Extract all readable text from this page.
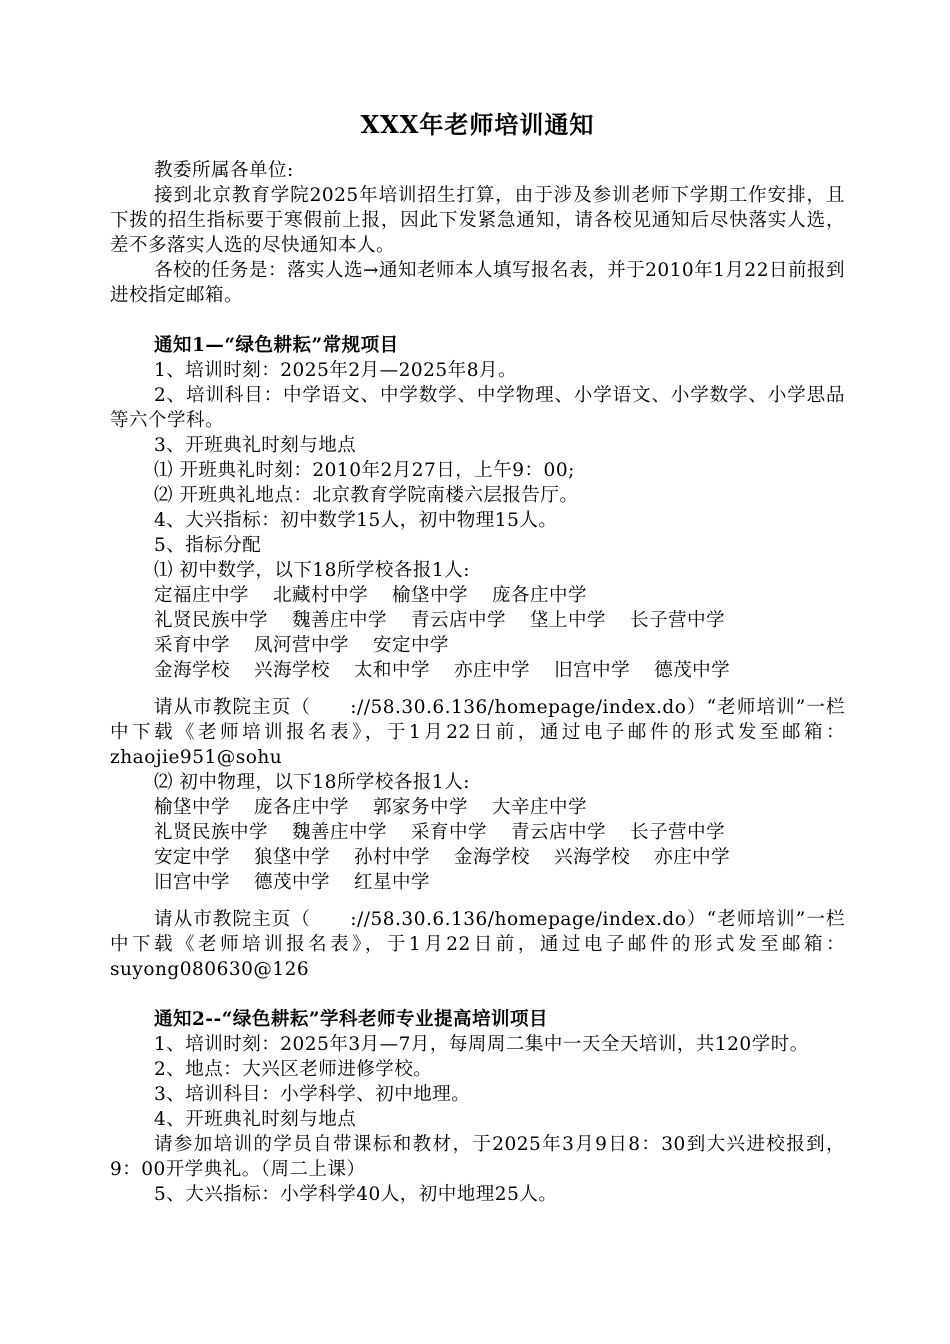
XXX年老师培训通知

教委所属各单位:

接到北京教育学院2025年培训招生打算，由于涉及参训老师下学期工作安排，且下拨的招生指标要于寒假前上报，因此下发紧急通知，请各校见通知后尽快落实人选，差不多落实人选的尽快通知本人。

各校的任务是：落实人选→通知老师本人填写报名表，并于2010年1月22日前报到进校指定邮箱。

通知1—“绿色耕耘”常规项目

1、培训时刻：2025年2月—2025年8月。

2、培训科目：中学语文、中学数学、中学物理、小学语文、小学数学、小学思品等六个学科。

3、开班典礼时刻与地点

⑴ 开班典礼时刻：2010年2月27日，上午9：00;

⑵ 开班典礼地点：北京教育学院南楼六层报告厅。

4、大兴指标：初中数学15人，初中物理15人。

5、指标分配

⑴ 初中数学，以下18所学校各报1人:

定福庄中学 北藏村中学 榆垡中学 庞各庄中学
礼贤民族中学 魏善庄中学 青云店中学 垡上中学 长子营中学
采育中学 凤河营中学 安定中学
金海学校 兴海学校 太和中学 亦庄中学 旧宫中学 德茂中学

请从市教院主页（　　://58.30.6.136/homepage/index.do）“老师培训”一栏中下载《老师培训报名表》，于1月22日前，通过电子邮件的形式发至邮箱：zhaojie951@sohu

⑵ 初中物理，以下18所学校各报1人:

榆垡中学 庞各庄中学 郭家务中学 大辛庄中学
礼贤民族中学 魏善庄中学 采育中学 青云店中学 长子营中学
安定中学 狼垡中学 孙村中学 金海学校 兴海学校 亦庄中学
旧宫中学 德茂中学 红星中学

请从市教院主页（　　://58.30.6.136/homepage/index.do）“老师培训”一栏中下载《老师培训报名表》，于1月22日前，通过电子邮件的形式发至邮箱：suyong080630@126

通知2--“绿色耕耘”学科老师专业提高培训项目

1、培训时刻：2025年3月—7月，每周周二集中一天全天培训，共120学时。

2、地点：大兴区老师进修学校。

3、培训科目：小学科学、初中地理。

4、开班典礼时刻与地点

请参加培训的学员自带课标和教材，于2025年3月9日8：30到大兴进校报到，9：00开学典礼。（周二上课）

5、大兴指标：小学科学40人，初中地理25人。
